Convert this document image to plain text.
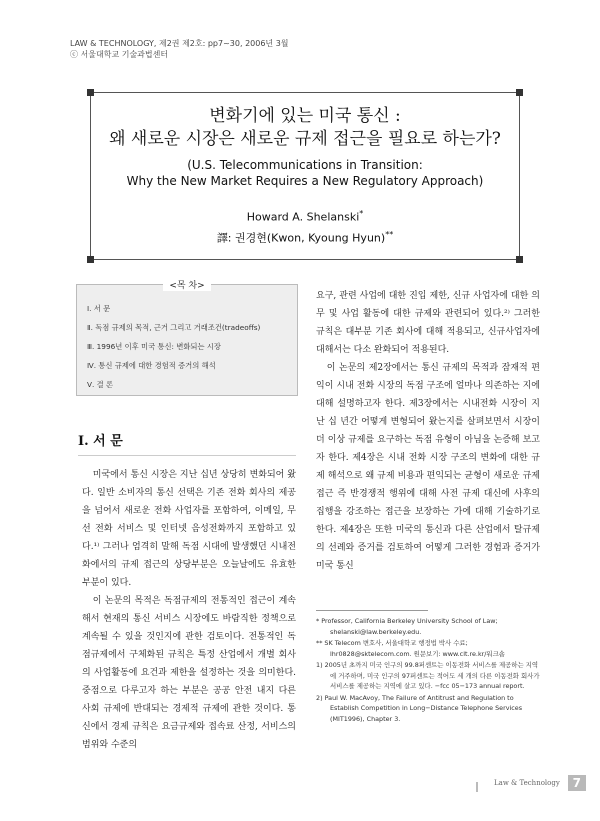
LAW & TECHNOLOGY, 제2권 제2호: pp7~30, 2006년 3월
ⓒ 서울대학교 기술과법센터
변화기에 있는 미국 통신 :
왜 새로운 시장은 새로운 규제 접근을 필요로 하는가?
(U.S. Telecommunications in Transition:
Why the New Market Requires a New Regulatory Approach)
Howard A. Shelanski*
譯: 권경현(Kwon, Kyoung Hyun)**
<목 차>
Ⅰ. 서 문
Ⅱ. 독점 규제의 목적, 근거 그리고 거래조건(tradeoffs)
Ⅲ. 1996년 이후 미국 통신: 변화되는 시장
Ⅳ. 통신 규제에 대한 경험적 증거의 해석
Ⅴ. 결 론
Ⅰ. 서 문

미국에서 통신 시장은 지난 십년 상당히 변화되어 왔다. 일반 소비자의 통신 선택은 기존 전화 회사의 제공을 넘어서 새로운 전화 사업자를 포함하여, 이메일, 무선 전화 서비스 및 인터넷 음성전화까지 포함하고 있다.¹⁾ 그러나 엄격히 말해 독점 시대에 발생했던 시내전화에서의 규제 접근의 상당부분은 오늘날에도 유효한 부분이 있다.

이 논문의 목적은 독점규제의 전통적인 접근이 계속해서 현재의 통신 서비스 시장에도 바람직한 정책으로 계속될 수 있을 것인지에 관한 검토이다. 전통적인 독점규제에서 구체화된 규칙은 특정 산업에서 개별 회사의 사업활동에 요건과 제한을 설정하는 것을 의미한다. 중점으로 다루고자 하는 부분은 공공 안전 내지 다른 사회 규제에 반대되는 경제적 규제에 관한 것이다. 통신에서 경제 규칙은 요금규제와 접속료 산정, 서비스의 범위와 수준의

요구, 관련 사업에 대한 진입 제한, 신규 사업자에 대한 의무 및 사업 활동에 대한 규제와 관련되어 있다.²⁾ 그러한 규칙은 대부분 기존 회사에 대해 적용되고, 신규사업자에 대해서는 다소 완화되어 적용된다.

이 논문의 제2장에서는 통신 규제의 목적과 잠재적 편익이 시내 전화 시장의 독점 구조에 얼마나 의존하는 지에 대해 설명하고자 한다. 제3장에서는 시내전화 시장이 지난 십 년간 어떻게 변형되어 왔는지를 살펴보면서 시장이 더 이상 규제를 요구하는 독점 유형이 아님을 논증해 보고자 한다. 제4장은 시내 전화 시장 구조의 변화에 대한 규제 해석으로 왜 규제 비용과 편익되는 균형이 새로운 규제 접근 즉 반경쟁적 행위에 대해 사전 규제 대신에 사후의 집행을 강조하는 접근을 보장하는 가에 대해 기술하기로 한다. 제4장은 또한 미국의 통신과 다른 산업에서 탈규제의 선례와 증거를 검토하여 어떻게 그러한 경험과 증거가 미국 통신

* Professor, California Berkeley University School of Law; shelanski@law.berkeley.edu.

** SK Telecom 변호사, 서울대학교 행정법 박사 수료; lhr0828@sktelecom.com. 원문보기: www.clt.re.kr/워크숍

1) 2005년 초까지 미국 인구의 99.8퍼센트는 이동전화 서비스를 제공하는 지역에 거주하며, 미국 인구의 97퍼센트는 적어도 세 개의 다른 이동전화 회사가 서비스를 제공하는 지역에 살고 있다. −fcc 05−173 annual report.

2) Paul W. MacAvoy, The Failure of Antitrust and Regulation to Establish Competition in Long−Distance Telephone Services (MIT1996), Chapter 3.

Law & Technology	7
